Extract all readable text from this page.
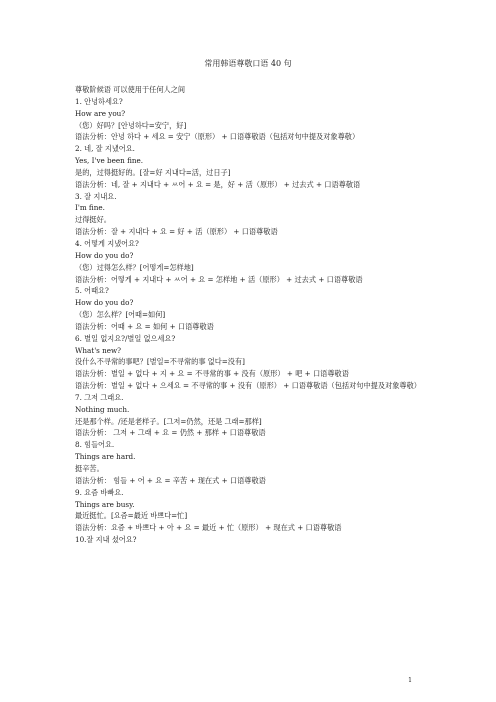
常用韩语尊敬口语 40 句
尊敬阶候语 可以使用于任何人之间
1. 안녕하세요?
How are you?
（您）好吗？[안녕하다=安宁，好]
语法分析：안녕 하다 + 세요 = 安宁（原形） + 口语尊敬语（包括对句中提及对象尊敬）
2. 네, 잘 지냈어요.
Yes, I've been fine.
是的，过得挺好的。[잘=好 지내다=活，过日子]
语法分析：네, 잘 + 지내다 + ㅆ어 + 요 = 是，好 + 活（原形） + 过去式 + 口语尊敬语
3. 잘 지내요.
I'm fine.
过得挺好。
语法分析：잘 + 지내다 + 요 = 好 + 活（原形） + 口语尊敬语
4. 어떻게 지냈어요?
How do you do?
（您）过得怎么样？[어떻게=怎样地]
语法分析：어떻게 + 지내다 + ㅆ어 + 요 = 怎样地 + 活（原形） + 过去式 + 口语尊敬语
5. 어때요?
How do you do?
（您）怎么样？[어때=如何]
语法分析：어때 + 요 = 如何 + 口语尊敬语
6. 별일 없지요?/별일 없으세요?
What's new?
没什么不寻常的事吧？[별일=不寻常的事 없다=没有]
语法分析：별일 + 없다 + 지 + 요 = 不寻常的事 + 没有（原形） + 吧 + 口语尊敬语
语法分析：별일 + 없다 + 으세요 = 不寻常的事 + 没有（原形） + 口语尊敬语（包括对句中提及对象尊敬）
7. 그저 그래요.
Nothing much.
还是那个样。/还是老样子。[그저=仍然，还是 그래=那样]
语法分析： 그저 + 그래 + 요 = 仍然 + 那样 + 口语尊敬语
8. 힘들어요.
Things are hard.
挺辛苦。
语法分析： 힘들 + 어 + 요 = 辛苦 + 现在式 + 口语尊敬语
9. 요즘 바빠요.
Things are busy.
最近挺忙。[요즘=最近 바쁘다=忙]
语法分析：요즘 + 바쁘다 + 아 + 요 = 最近 + 忙（原形） + 现在式 + 口语尊敬语
10.잘 지내 셨어요?
1
